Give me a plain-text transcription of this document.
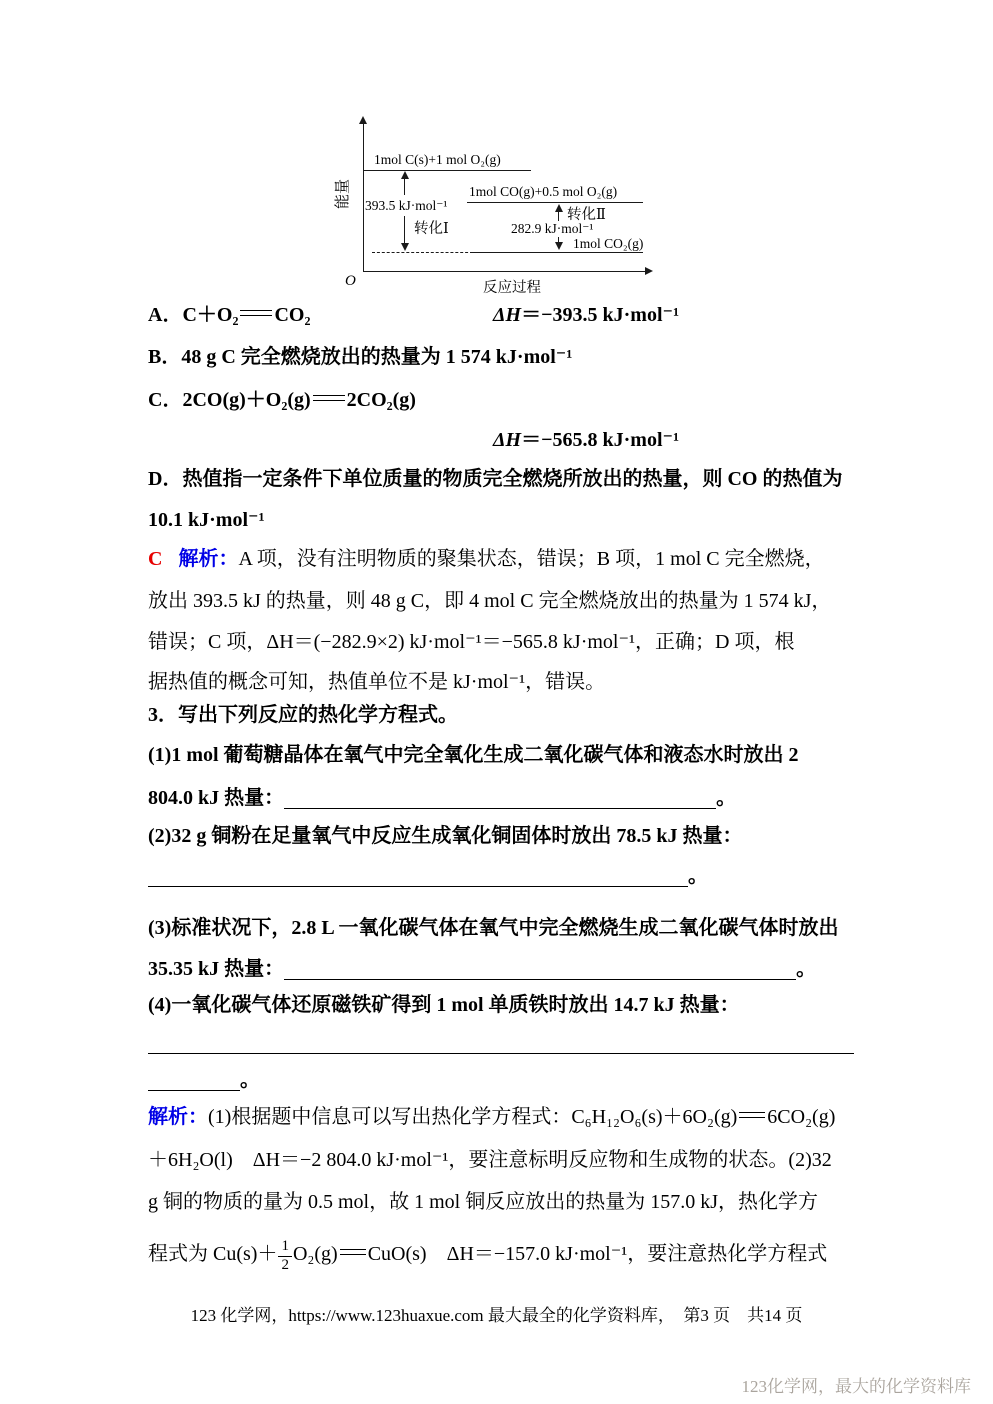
能量
O
1mol C(s)+1 mol O₂(g)
1mol CO(g)+0.5 mol O₂(g)
1mol CO₂(g)
393.5 kJ·mol⁻¹
转化Ⅰ
转化Ⅱ
282.9 kJ·mol⁻¹
反应过程
A．C＋O₂ CO₂	ΔH＝−393.5 kJ·mol⁻¹
B．48 g C 完全燃烧放出的热量为 1 574 kJ·mol⁻¹
C．2CO(g)＋O₂(g) 2CO₂(g)
ΔH＝−565.8 kJ·mol⁻¹
D．热值指一定条件下单位质量的物质完全燃烧所放出的热量，则 CO 的热值为
10.1 kJ·mol⁻¹
C 解析：A 项，没有注明物质的聚集状态，错误；B 项，1 mol C 完全燃烧，
放出 393.5 kJ 的热量，则 48 g C，即 4 mol C 完全燃烧放出的热量为 1 574 kJ，
错误；C 项，ΔH＝(−282.9×2) kJ·mol⁻¹＝−565.8 kJ·mol⁻¹，正确；D 项，根
据热值的概念可知，热值单位不是 kJ·mol⁻¹，错误。
3．写出下列反应的热化学方程式。
(1)1 mol 葡萄糖晶体在氧气中完全氧化生成二氧化碳气体和液态水时放出 2
804.0 kJ 热量：	。
(2)32 g 铜粉在足量氧气中反应生成氧化铜固体时放出 78.5 kJ 热量：
。
(3)标准状况下，2.8 L 一氧化碳气体在氧气中完全燃烧生成二氧化碳气体时放出
35.35 kJ 热量：	。
(4)一氧化碳气体还原磁铁矿得到 1 mol 单质铁时放出 14.7 kJ 热量：
。
解析：(1)根据题中信息可以写出热化学方程式：C₆H₁₂O₆(s)＋6O₂(g) 6CO₂(g)
＋6H₂O(l)　ΔH＝−2 804.0 kJ·mol⁻¹，要注意标明反应物和生成物的状态。(2)32
g 铜的物质的量为 0.5 mol，故 1 mol 铜反应放出的热量为 157.0 kJ，热化学方
程式为 $Cu(s)+ \frac{1}{2} O_2(g)$ CuO(s)　ΔH＝−157.0 kJ·mol⁻¹，要注意热化学方程式
123 化学网，https://www.123huaxue.com 最大最全的化学资料库，　第3 页　共14 页
123化学网，最大的化学资料库
